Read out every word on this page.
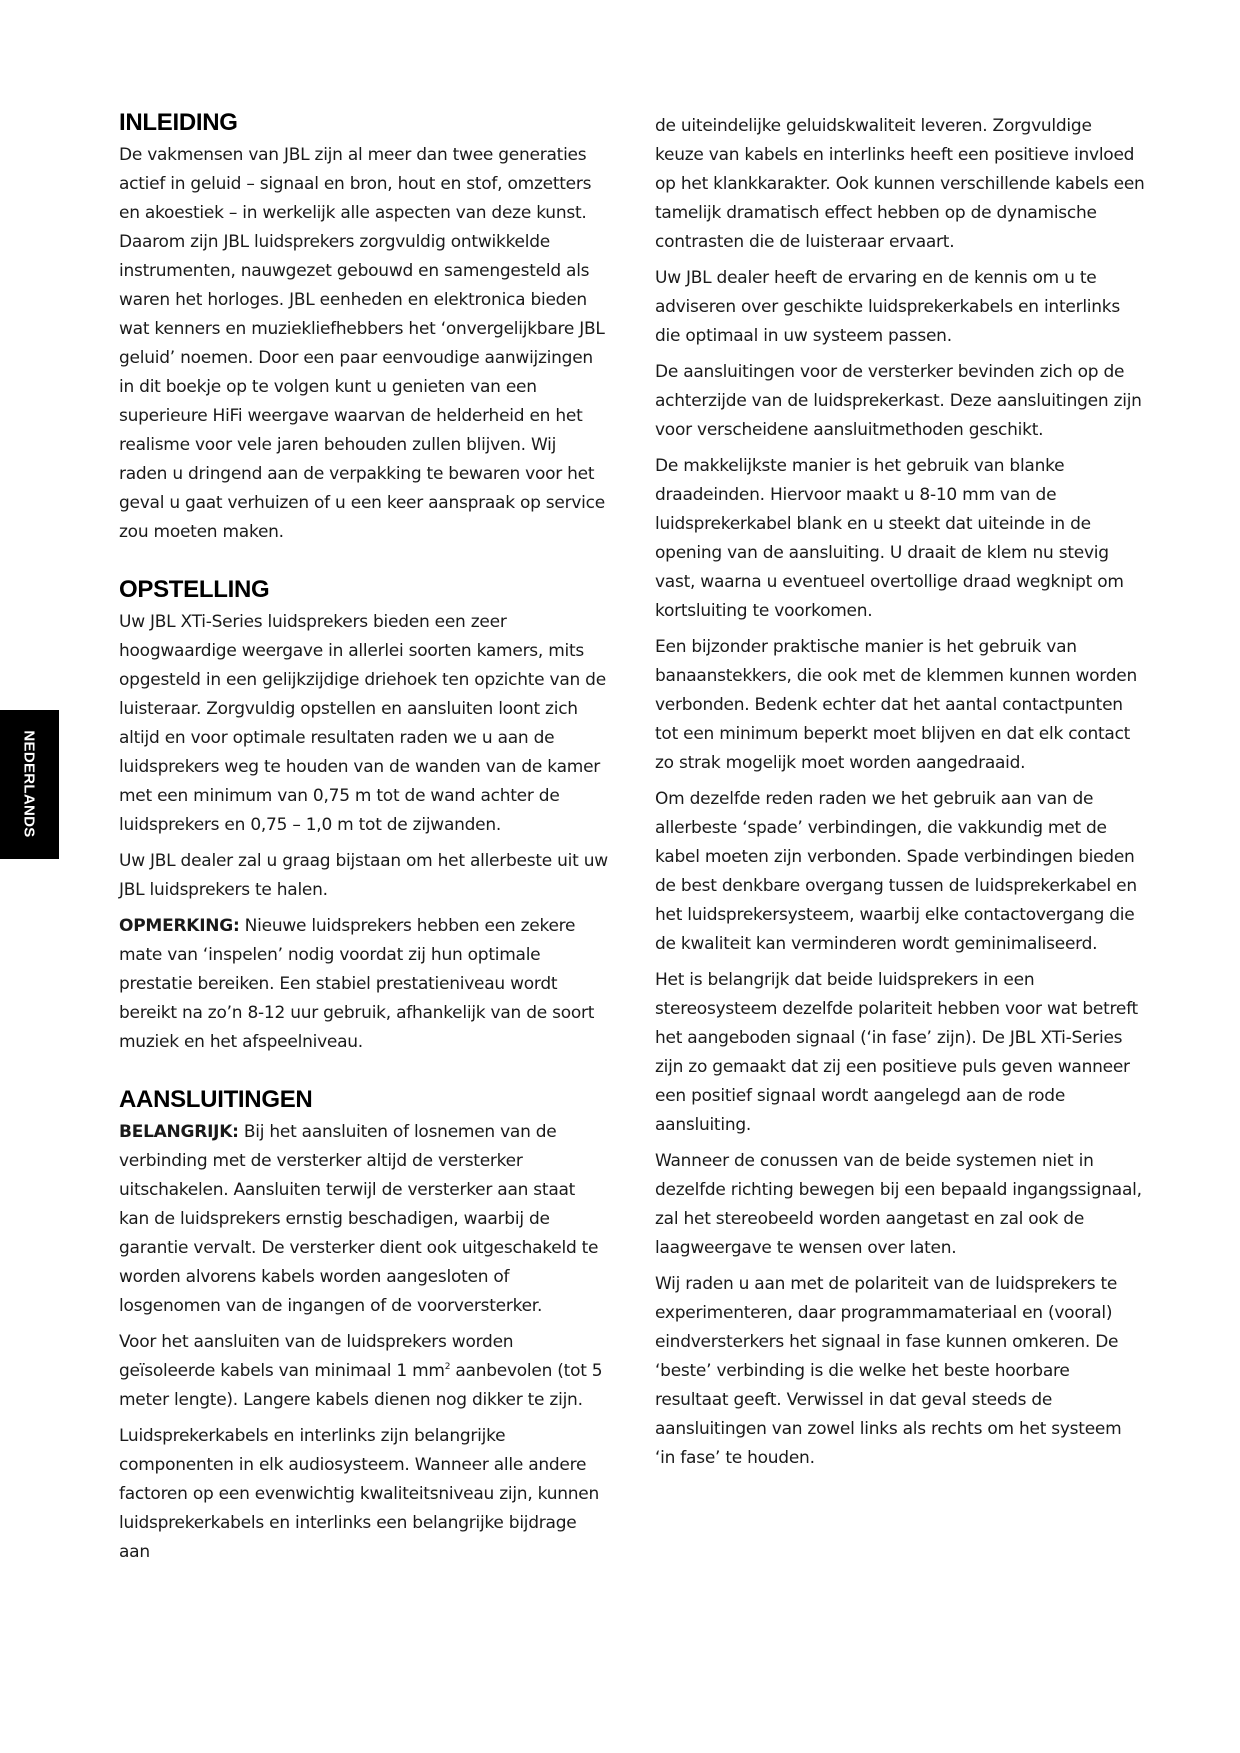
NEDERLANDS
INLEIDING

De vakmensen van JBL zijn al meer dan twee generaties actief in geluid – signaal en bron, hout en stof, omzetters en akoestiek – in werkelijk alle aspecten van deze kunst. Daarom zijn JBL luidsprekers zorgvuldig ontwikkelde instrumenten, nauwgezet gebouwd en samengesteld als waren het horloges. JBL eenheden en elektronica bieden wat kenners en muziekliefhebbers het ‘onvergelijkbare JBL geluid’ noemen. Door een paar eenvoudige aanwijzingen in dit boekje op te volgen kunt u genieten van een superieure HiFi weergave waarvan de helderheid en het realisme voor vele jaren behouden zullen blijven. Wij raden u dringend aan de verpakking te bewaren voor het geval u gaat verhuizen of u een keer aanspraak op service zou moeten maken.

OPSTELLING

Uw JBL XTi-Series luidsprekers bieden een zeer hoogwaardige weergave in allerlei soorten kamers, mits opgesteld in een gelijkzijdige driehoek ten opzichte van de luisteraar. Zorgvuldig opstellen en aansluiten loont zich altijd en voor optimale resultaten raden we u aan de luidsprekers weg te houden van de wanden van de kamer met een minimum van 0,75 m tot de wand achter de luidsprekers en 0,75 – 1,0 m tot de zijwanden.

Uw JBL dealer zal u graag bijstaan om het allerbeste uit uw JBL luidsprekers te halen.

OPMERKING: Nieuwe luidsprekers hebben een zekere mate van ‘inspelen’ nodig voordat zij hun optimale prestatie bereiken. Een stabiel prestatieniveau wordt bereikt na zo’n 8-12 uur gebruik, afhankelijk van de soort muziek en het afspeelniveau.

AANSLUITINGEN

BELANGRIJK: Bij het aansluiten of losnemen van de verbinding met de versterker altijd de versterker uitschakelen. Aansluiten terwijl de versterker aan staat kan de luidsprekers ernstig beschadigen, waarbij de garantie vervalt. De versterker dient ook uitgeschakeld te worden alvorens kabels worden aangesloten of losgenomen van de ingangen of de voorversterker.

Voor het aansluiten van de luidsprekers worden geïsoleerde kabels van minimaal 1 $mm^2$ aanbevolen (tot 5 meter lengte). Langere kabels dienen nog dikker te zijn.

Luidsprekerkabels en interlinks zijn belangrijke componenten in elk audiosysteem. Wanneer alle andere factoren op een evenwichtig kwaliteitsniveau zijn, kunnen luidsprekerkabels en interlinks een belangrijke bijdrage aan

de uiteindelijke geluidskwaliteit leveren. Zorgvuldige keuze van kabels en interlinks heeft een positieve invloed op het klankkarakter. Ook kunnen verschillende kabels een tamelijk dramatisch effect hebben op de dynamische contrasten die de luisteraar ervaart.

Uw JBL dealer heeft de ervaring en de kennis om u te adviseren over geschikte luidsprekerkabels en interlinks die optimaal in uw systeem passen.

De aansluitingen voor de versterker bevinden zich op de achterzijde van de luidsprekerkast. Deze aansluitingen zijn voor verscheidene aansluitmethoden geschikt.

De makkelijkste manier is het gebruik van blanke draadeinden. Hiervoor maakt u 8-10 mm van de luidsprekerkabel blank en u steekt dat uiteinde in de opening van de aansluiting. U draait de klem nu stevig vast, waarna u eventueel overtollige draad wegknipt om kortsluiting te voorkomen.

Een bijzonder praktische manier is het gebruik van banaanstekkers, die ook met de klemmen kunnen worden verbonden. Bedenk echter dat het aantal contactpunten tot een minimum beperkt moet blijven en dat elk contact zo strak mogelijk moet worden aangedraaid.

Om dezelfde reden raden we het gebruik aan van de allerbeste ‘spade’ verbindingen, die vakkundig met de kabel moeten zijn verbonden. Spade verbindingen bieden de best denkbare overgang tussen de luidsprekerkabel en het luidsprekersysteem, waarbij elke contactovergang die de kwaliteit kan verminderen wordt geminimaliseerd.

Het is belangrijk dat beide luidsprekers in een stereosysteem dezelfde polariteit hebben voor wat betreft het aangeboden signaal (‘in fase’ zijn). De JBL XTi-Series zijn zo gemaakt dat zij een positieve puls geven wanneer een positief signaal wordt aangelegd aan de rode aansluiting.

Wanneer de conussen van de beide systemen niet in dezelfde richting bewegen bij een bepaald ingangssignaal, zal het stereobeeld worden aangetast en zal ook de laagweergave te wensen over laten.

Wij raden u aan met de polariteit van de luidsprekers te experimenteren, daar programmamateriaal en (vooral) eindversterkers het signaal in fase kunnen omkeren. De ‘beste’ verbinding is die welke het beste hoorbare resultaat geeft. Verwissel in dat geval steeds de aansluitingen van zowel links als rechts om het systeem ‘in fase’ te houden.
